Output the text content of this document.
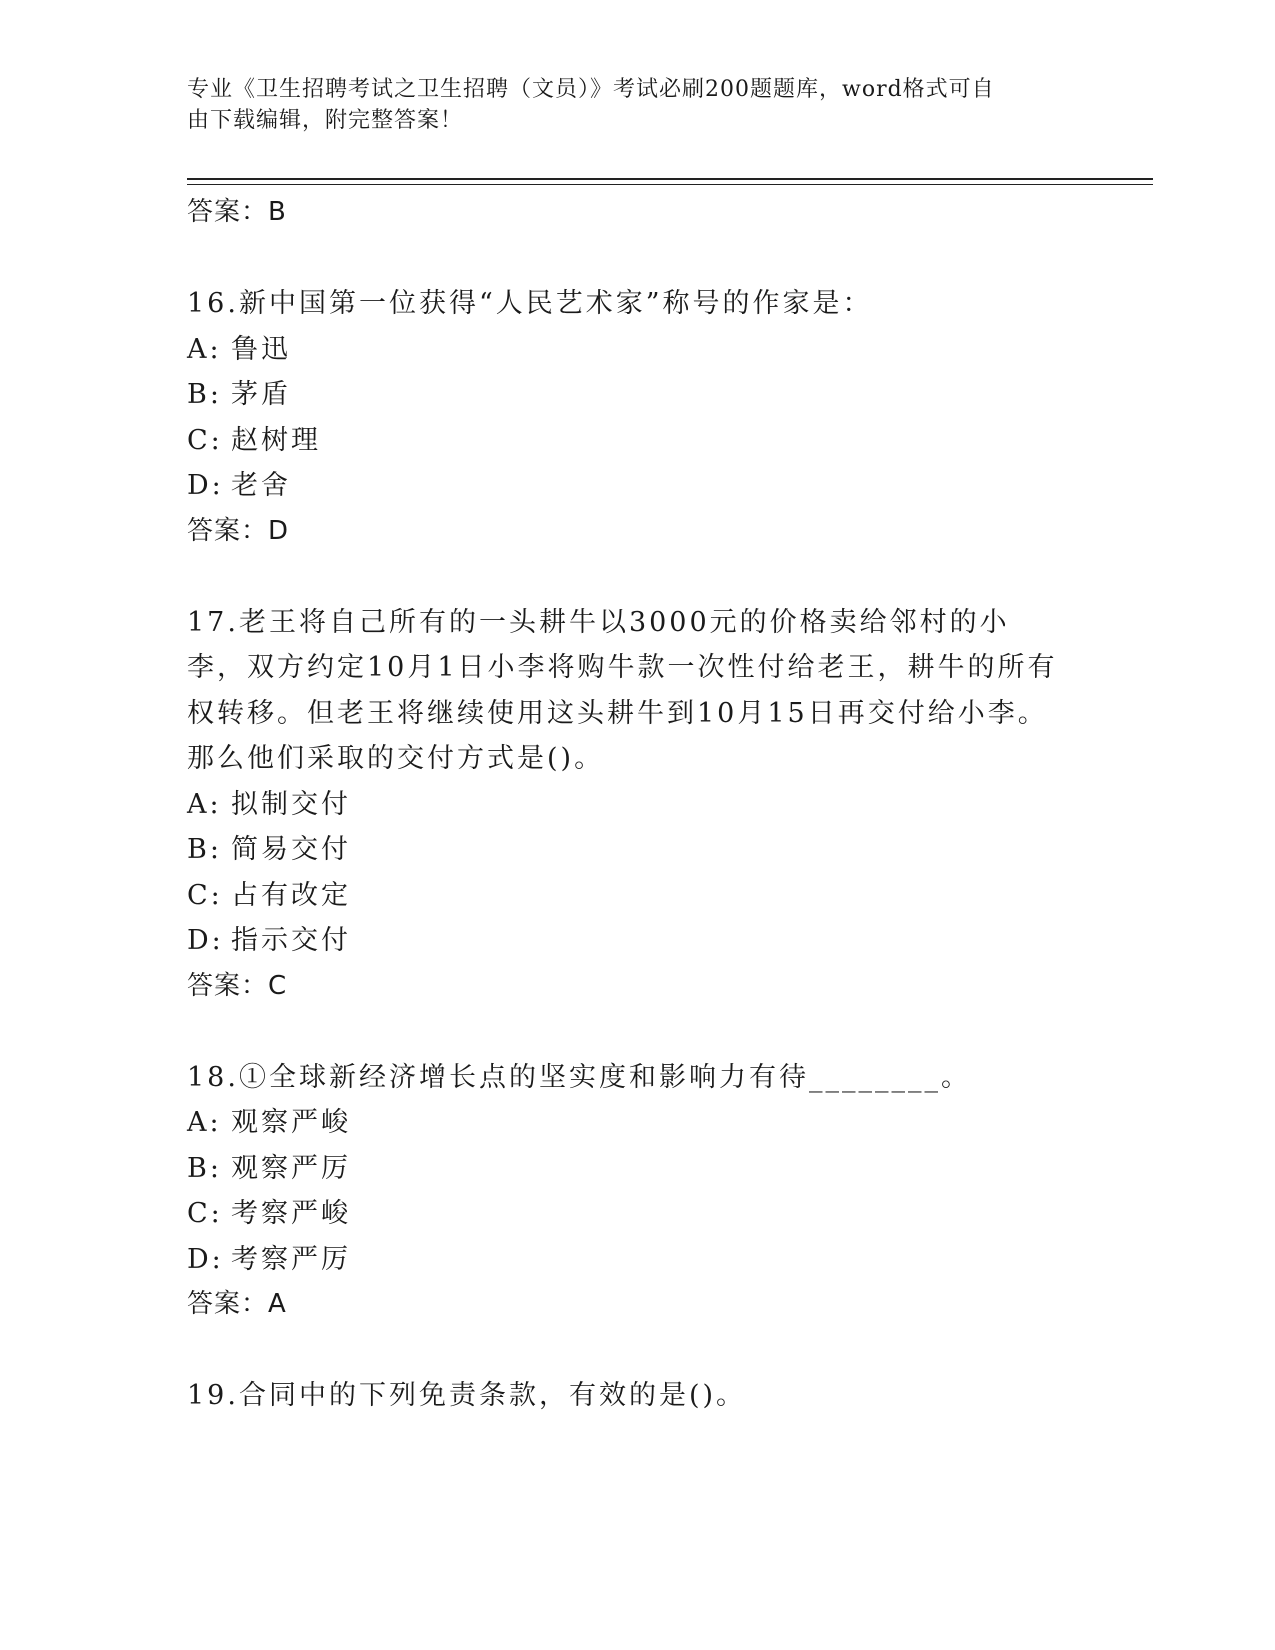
专业《卫生招聘考试之卫生招聘（文员）》考试必刷200题题库，word格式可自
由下载编辑，附完整答案！
答案：B
16.新中国第一位获得“人民艺术家”称号的作家是：
A: 鲁迅
B: 茅盾
C: 赵树理
D: 老舍
答案：D
17.老王将自己所有的一头耕牛以3000元的价格卖给邻村的小李，双方约定10月1日小李将购牛款一次性付给老王，耕牛的所有权转移。但老王将继续使用这头耕牛到10月15日再交付给小李。那么他们采取的交付方式是()。
A: 拟制交付
B: 简易交付
C: 占有改定
D: 指示交付
答案：C
18.①全球新经济增长点的坚实度和影响力有待________。
A: 观察严峻
B: 观察严厉
C: 考察严峻
D: 考察严厉
答案：A
19.合同中的下列免责条款，有效的是()。
